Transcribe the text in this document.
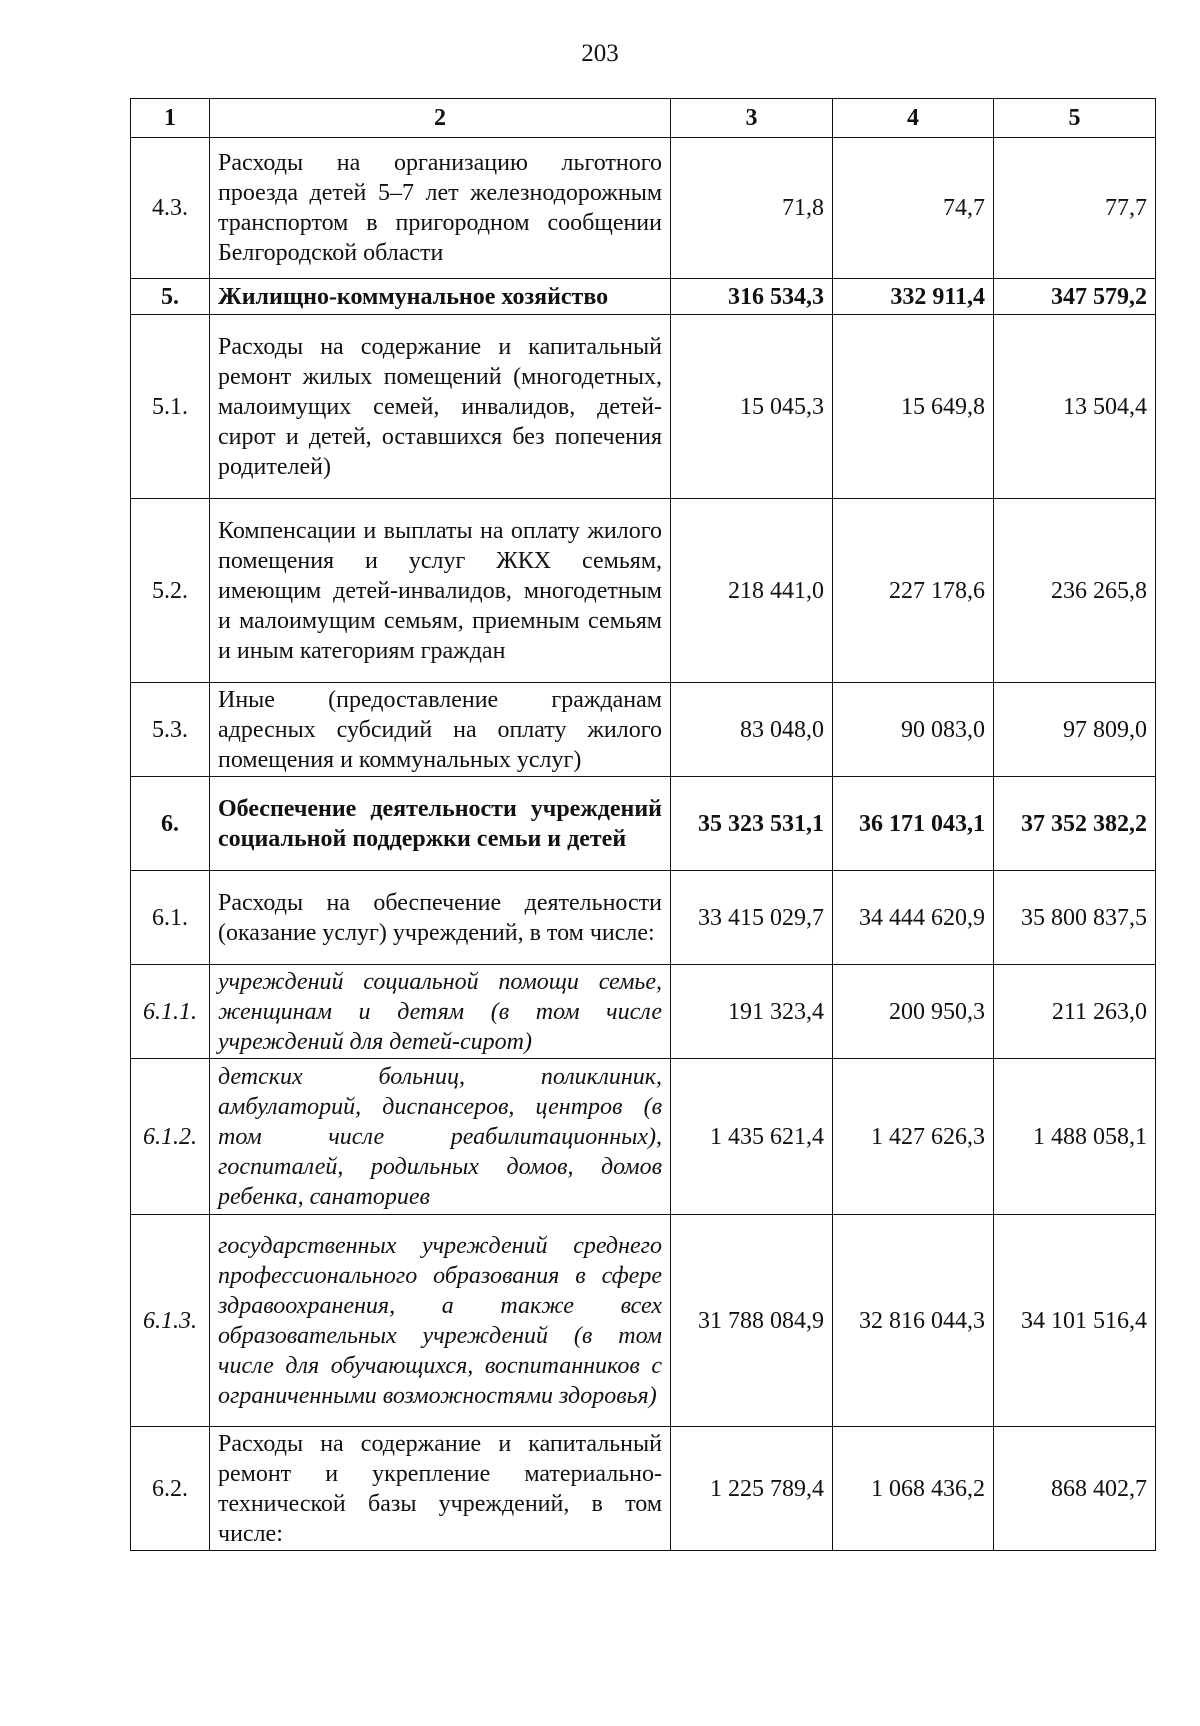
203
1	2	3	4	5
4.3.	Расходы на организацию льготного проезда детей 5–7 лет железнодорожным транспортом в пригородном сообщении Белгородской области	71,8	74,7	77,7
5.	Жилищно-коммунальное хозяйство	316 534,3	332 911,4	347 579,2
5.1.	Расходы на содержание и капитальный ремонт жилых помещений (многодетных, малоимущих семей, инвалидов, детей-сирот и детей, оставшихся без попечения родителей)	15 045,3	15 649,8	13 504,4
5.2.	Компенсации и выплаты на оплату жилого помещения и услуг ЖКХ семьям, имеющим детей-инвалидов, многодетным и малоимущим семьям, приемным семьям и иным категориям граждан	218 441,0	227 178,6	236 265,8
5.3.	Иные (предоставление гражданам адресных субсидий на оплату жилого помещения и коммунальных услуг)	83 048,0	90 083,0	97 809,0
6.	Обеспечение деятельности учреждений социальной поддержки семьи и детей	35 323 531,1	36 171 043,1	37 352 382,2
6.1.	Расходы на обеспечение деятельности (оказание услуг) учреждений, в том числе:	33 415 029,7	34 444 620,9	35 800 837,5
6.1.1.	учреждений социальной помощи семье, женщинам и детям (в том числе учреждений для детей-сирот)	191 323,4	200 950,3	211 263,0
6.1.2.	детских больниц, поликлиник, амбулаторий, диспансеров, центров (в том числе реабилитационных), госпиталей, родильных домов, домов ребенка, санаториев	1 435 621,4	1 427 626,3	1 488 058,1
6.1.3.	государственных учреждений среднего профессионального образования в сфере здравоохранения, а также всех образовательных учреждений (в том числе для обучающихся, воспитанников с ограниченными возможностями здоровья)	31 788 084,9	32 816 044,3	34 101 516,4
6.2.	Расходы на содержание и капитальный ремонт и укрепление материально-технической базы учреждений, в том числе:	1 225 789,4	1 068 436,2	868 402,7
